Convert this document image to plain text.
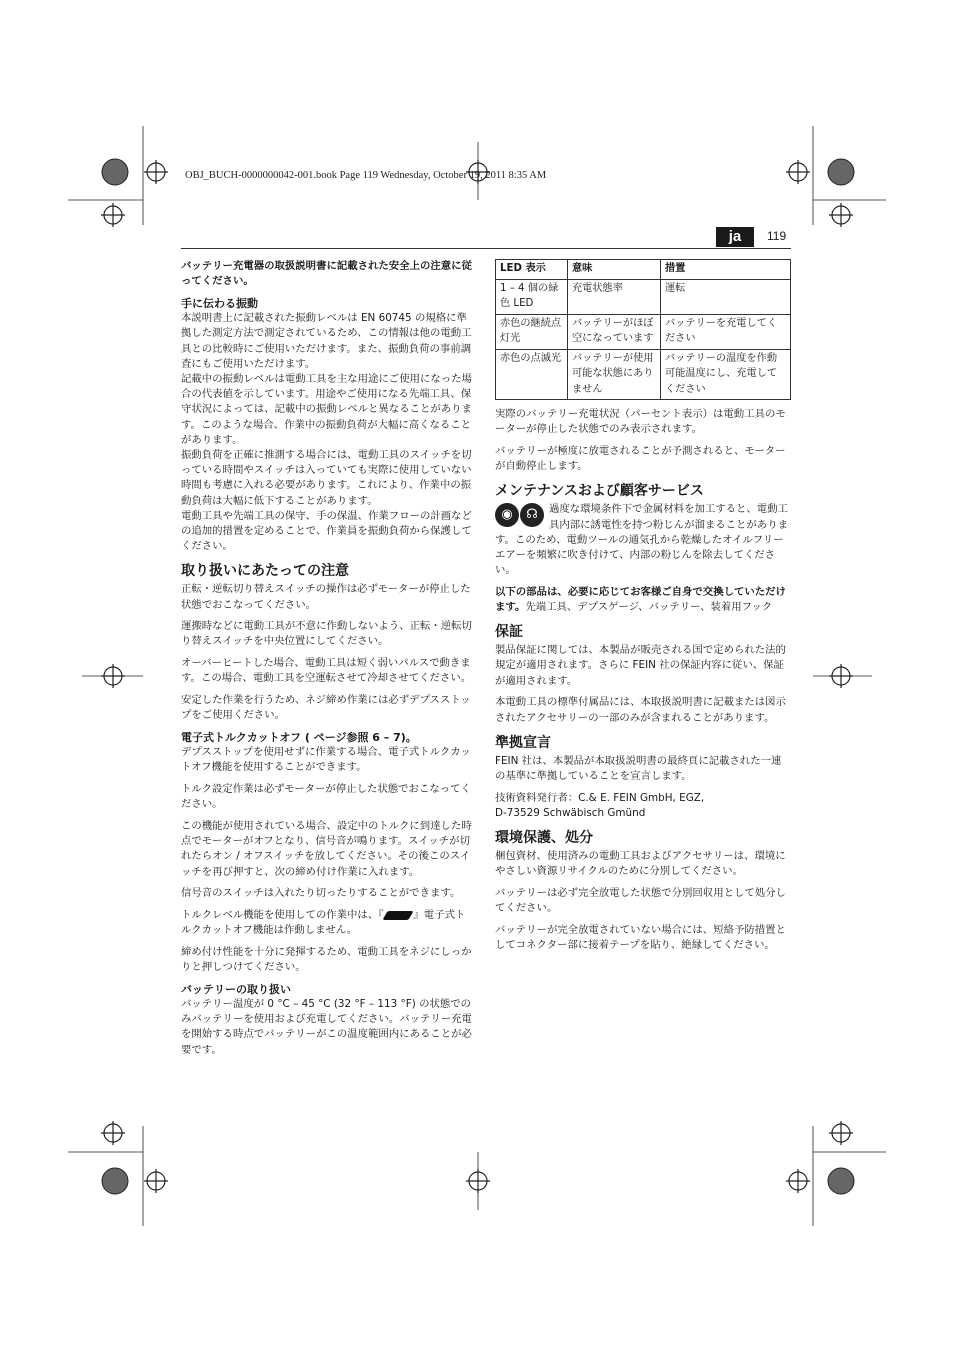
OBJ_BUCH-0000000042-001.book Page 119 Wednesday, October 19, 2011 8:35 AM
ja	119

バッテリー充電器の取扱説明書に記載された安全上の注意に従ってください。

手に伝わる振動

本説明書上に記載された振動レベルは EN 60745 の規格に準拠した測定方法で測定されているため、この情報は他の電動工具との比較時にご使用いただけます。また、振動負荷の事前調査にもご使用いただけます。

記載中の振動レベルは電動工具を主な用途にご使用になった場合の代表値を示しています。用途やご使用になる先端工具、保守状況によっては、記載中の振動レベルと異なることがあります。このような場合、作業中の振動負荷が大幅に高くなることがあります。

振動負荷を正確に推測する場合には、電動工具のスイッチを切っている時間やスイッチは入っていても実際に使用していない時間も考慮に入れる必要があります。これにより、作業中の振動負荷は大幅に低下することがあります。

電動工具や先端工具の保守、手の保温、作業フローの計画などの追加的措置を定めることで、作業員を振動負荷から保護してください。

取り扱いにあたっての注意

正転・逆転切り替えスイッチの操作は必ずモーターが停止した状態でおこなってください。

運搬時などに電動工具が不意に作動しないよう、正転・逆転切り替えスイッチを中央位置にしてください。

オーバーヒートした場合、電動工具は短く弱いパルスで動きます。この場合、電動工具を空運転させて冷却させてください。

安定した作業を行うため、ネジ締め作業には必ずデプスストップをご使用ください。

電子式トルクカットオフ ( ページ参照 6 – 7)。

デプスストップを使用せずに作業する場合、電子式トルクカットオフ機能を使用することができます。

トルク設定作業は必ずモーターが停止した状態でおこなってください。

この機能が使用されている場合、設定中のトルクに到達した時点でモーターがオフとなり、信号音が鳴ります。スイッチが切れたらオン / オフスイッチを放してください。その後このスイッチを再び押すと、次の締め付け作業に入れます。

信号音のスイッチは入れたり切ったりすることができます。

トルクレベル機能を使用しての作業中は、『	』電子式トルクカットオフ機能は作動しません。

締め付け性能を十分に発揮するため、電動工具をネジにしっかりと押しつけてください。

バッテリーの取り扱い

バッテリー温度が 0 °C – 45 °C (32 °F – 113 °F) の状態でのみバッテリーを使用および充電してください。バッテリー充電を開始する時点でバッテリーがこの温度範囲内にあることが必要です。

LED 表示	意味	措置
1 – 4 個の緑色 LED	充電状態率	運転
赤色の継続点灯光	バッテリーがほぼ空になっています	バッテリーを充電してください
赤色の点滅光	バッテリーが使用可能な状態にありません	バッテリーの温度を作動可能温度にし、充電してください

実際のバッテリー充電状況（パーセント表示）は電動工具のモーターが停止した状態でのみ表示されます。

バッテリーが極度に放電されることが予測されると、モーターが自動停止します。

メンテナンスおよび顧客サービス

◉ ☊	過度な環境条件下で金属材料を加工すると、電動工具内部に誘電性を持つ粉じんが溜まることがあります。このため、電動ツールの通気孔から乾燥したオイルフリーエアーを頻繁に吹き付けて、内部の粉じんを除去してください。

以下の部品は、必要に応じてお客様ご自身で交換していただけます。先端工具、デプスゲージ、バッテリー、装着用フック

保証

製品保証に関しては、本製品が販売される国で定められた法的規定が適用されます。さらに FEIN 社の保証内容に従い、保証が適用されます。

本電動工具の標準付属品には、本取扱説明書に記載または図示されたアクセサリーの一部のみが含まれることがあります。

準拠宣言

FEIN 社は、本製品が本取扱説明書の最終頁に記載された一連の基準に準拠していることを宣言します。

技術資料発行者：C.& E. FEIN GmbH, EGZ,
D-73529 Schwäbisch Gmünd

環境保護、処分

梱包資材、使用済みの電動工具およびアクセサリーは、環境にやさしい資源リサイクルのために分別してください。

バッテリーは必ず完全放電した状態で分別回収用として処分してください。

バッテリーが完全放電されていない場合には、短絡予防措置としてコネクター部に接着テープを貼り、絶縁してください。
